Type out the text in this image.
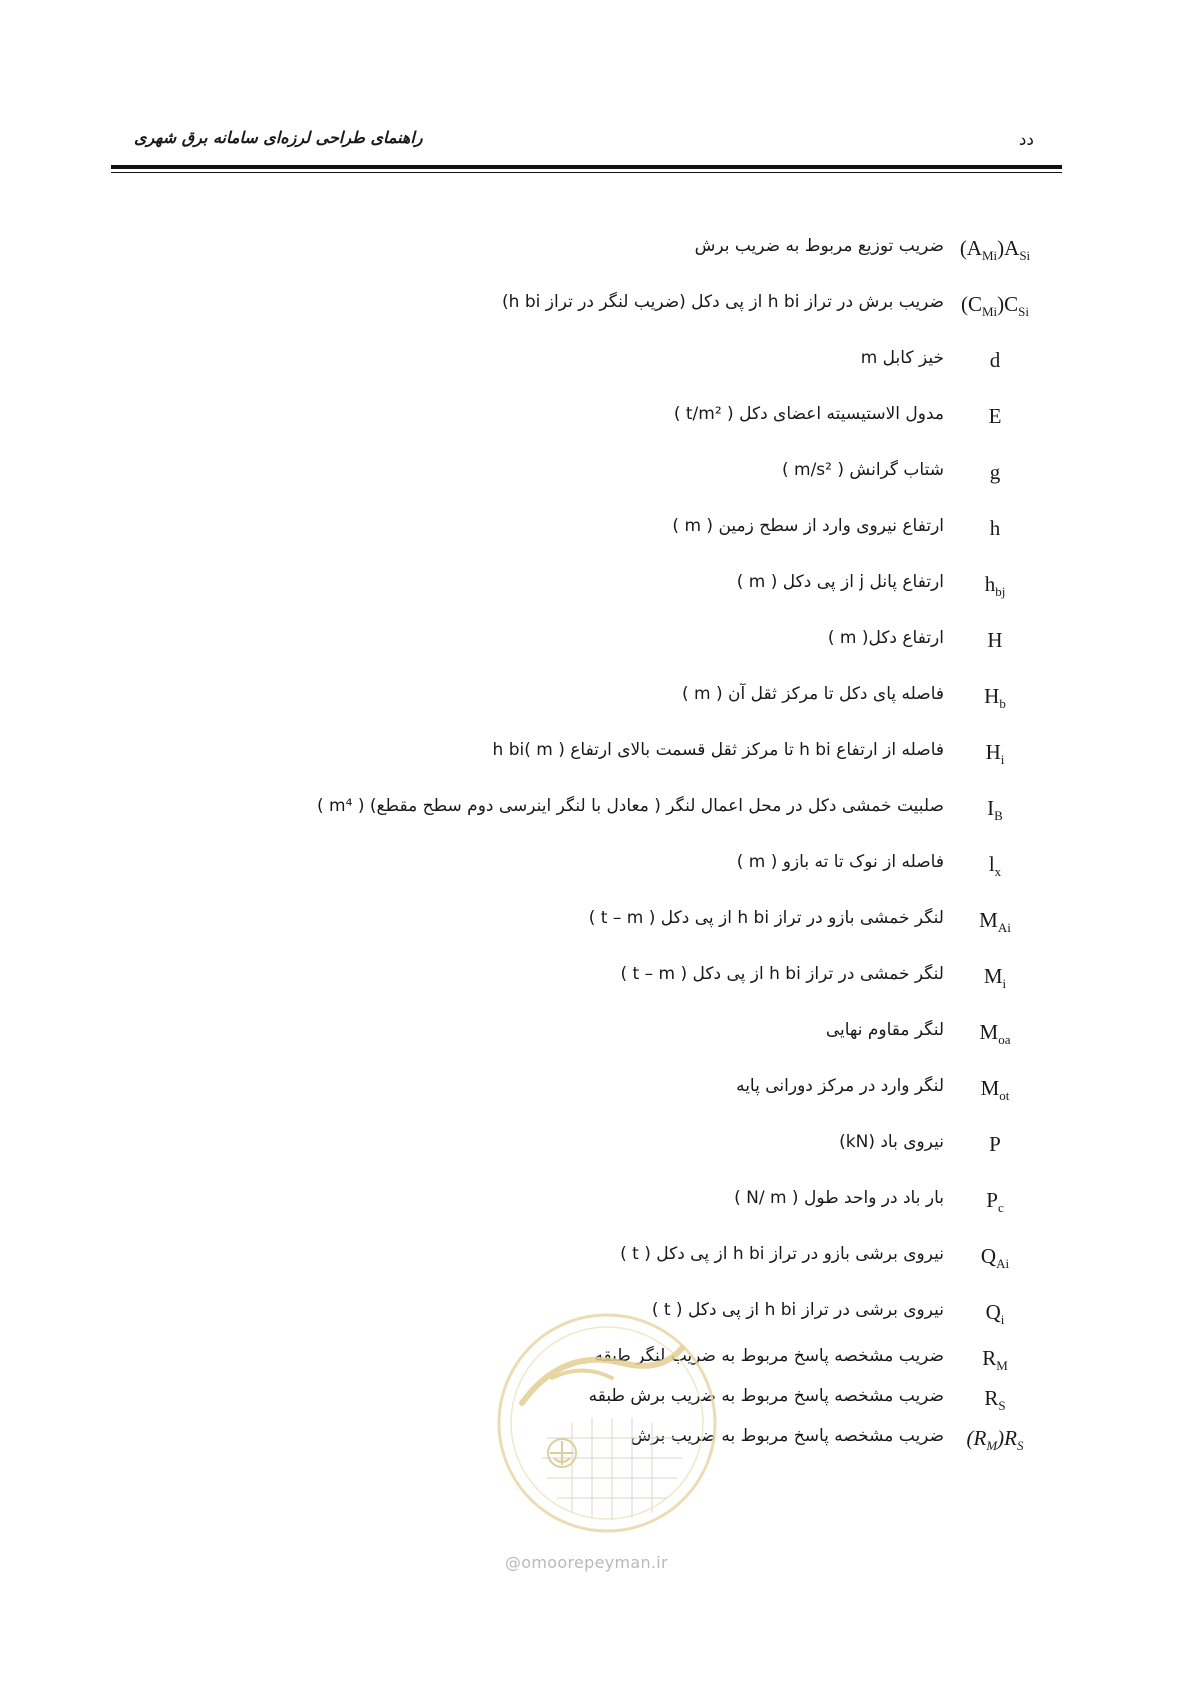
راهنمای طراحی لرزه‌ای سامانه برق شهری	دد
$(A_{Mi})A_{Si}$
ضریب توزیع مربوط به ضریب برش
$(C_{Mi})C_{Si}$
ضریب برش در تراز h bi از پی دکل (ضریب لنگر در تراز h bi)
d
خیز کابل m
E
مدول الاستیسیته اعضای دکل ( t/m² )
g
شتاب گرانش ( m/s² )
h
ارتفاع نیروی وارد از سطح زمین ( m )
$h_{bj}$
ارتفاع پانل j از پی دکل ( m )
H
ارتفاع دکل( m )
$H_b$
فاصله پای دکل تا مرکز ثقل آن ( m )
$H_i$
فاصله از ارتفاع h bi تا مرکز ثقل قسمت بالای ارتفاع h bi( m )
$I_B$
صلبیت خمشی دکل در محل اعمال لنگر ( معادل با لنگر اینرسی دوم سطح مقطع) ( m⁴ )
$l_x$
فاصله از نوک تا ته بازو ( m )
$M_{Ai}$
لنگر خمشی بازو در تراز h bi از پی دکل ( t – m )
$M_i$
لنگر خمشی در تراز h bi از پی دکل ( t – m )
$M_{oa}$
لنگر مقاوم نهایی
$M_{ot}$
لنگر وارد در مرکز دورانی پایه
P
نیروی باد (kN)
$P_c$
بار باد در واحد طول ( N/ m )
$Q_{Ai}$
نیروی برشی بازو در تراز h bi از پی دکل ( t )
$Q_i$
نیروی برشی در تراز h bi از پی دکل ( t )
$R_M$
ضریب مشخصه پاسخ مربوط به ضریب لنگر طبقه
$R_S$
ضریب مشخصه پاسخ مربوط به ضریب برش طبقه
$(R_M)R_S$
ضریب مشخصه پاسخ مربوط به ضریب برش
@omoorepeyman.ir
